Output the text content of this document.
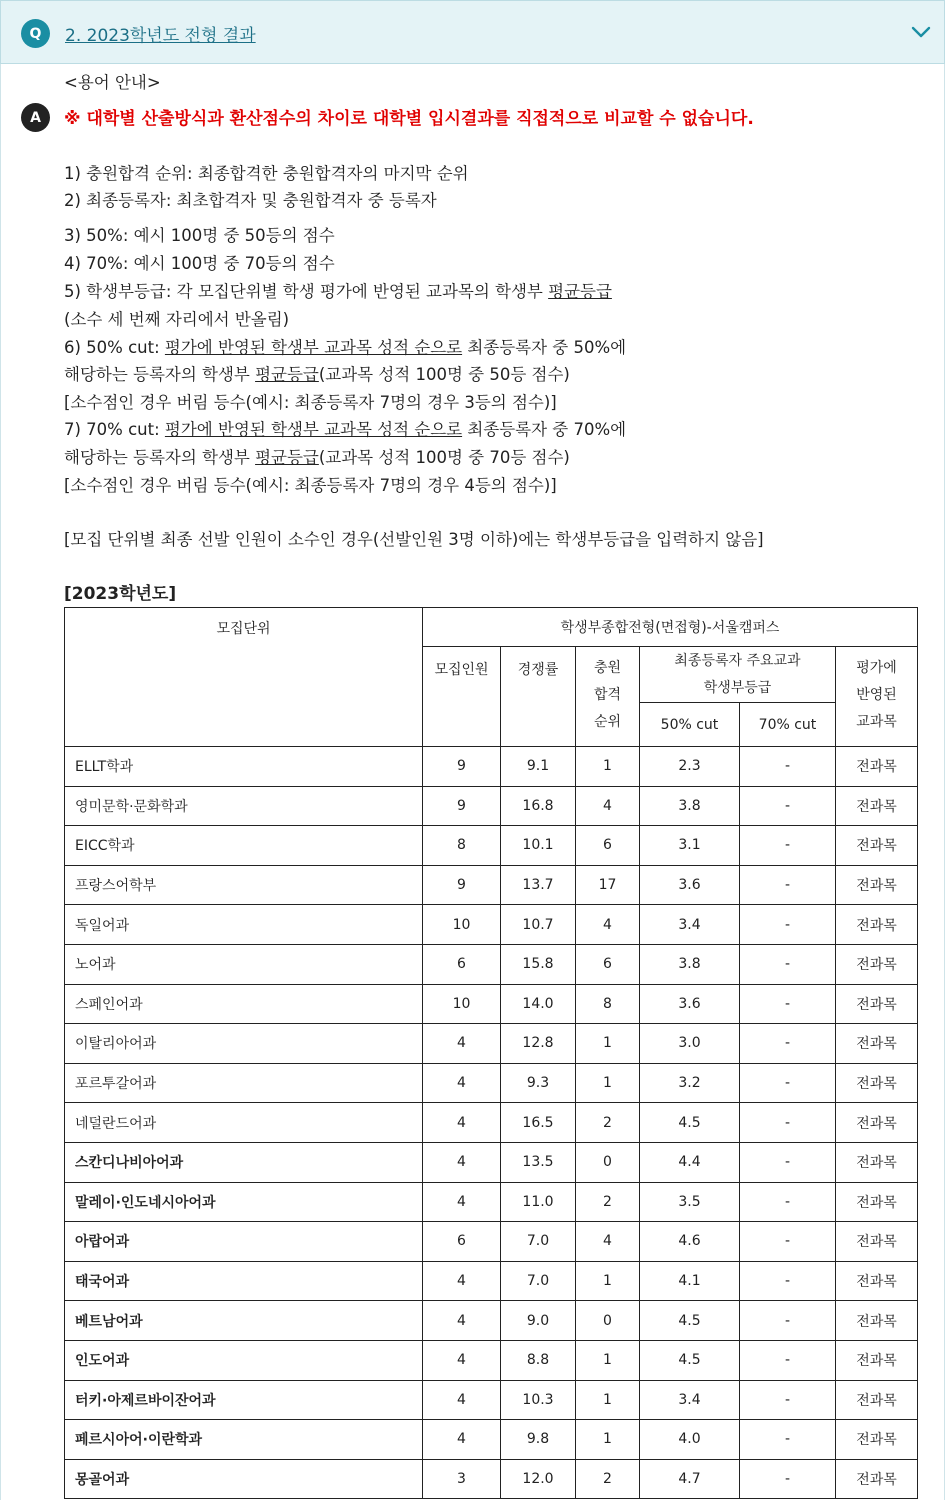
Q	2. 2023학년도 전형 결과
A
<용어 안내>
※ 대학별 산출방식과 환산점수의 차이로 대학별 입시결과를 직접적으로 비교할 수 없습니다.
1) 충원합격 순위: 최종합격한 충원합격자의 마지막 순위
2) 최종등록자: 최초합격자 및 충원합격자 중 등록자
3) 50%: 예시 100명 중 50등의 점수
4) 70%: 예시 100명 중 70등의 점수
5) 학생부등급: 각 모집단위별 학생 평가에 반영된 교과목의 학생부 평균등급
(소수 세 번째 자리에서 반올림)
6) 50% cut: 평가에 반영된 학생부 교과목 성적 순으로 최종등록자 중 50%에
해당하는 등록자의 학생부 평균등급(교과목 성적 100명 중 50등 점수)
[소수점인 경우 버림 등수(예시: 최종등록자 7명의 경우 3등의 점수)]
7) 70% cut: 평가에 반영된 학생부 교과목 성적 순으로 최종등록자 중 70%에
해당하는 등록자의 학생부 평균등급(교과목 성적 100명 중 70등 점수)
[소수점인 경우 버림 등수(예시: 최종등록자 7명의 경우 4등의 점수)]
[모집 단위별 최종 선발 인원이 소수인 경우(선발인원 3명 이하)에는 학생부등급을 입력하지 않음]
[2023학년도]
모집단위	학생부종합전형(면접형)-서울캠퍼스					
	모집인원	경쟁률	충원
합격
순위	최종등록자 주요교과
학생부등급		평가에
반영된
교과목
				50% cut	70% cut	
ELLT학과	9	9.1	1	2.3	-	전과목
영미문학·문화학과	9	16.8	4	3.8	-	전과목
EICC학과	8	10.1	6	3.1	-	전과목
프랑스어학부	9	13.7	17	3.6	-	전과목
독일어과	10	10.7	4	3.4	-	전과목
노어과	6	15.8	6	3.8	-	전과목
스페인어과	10	14.0	8	3.6	-	전과목
이탈리아어과	4	12.8	1	3.0	-	전과목
포르투갈어과	4	9.3	1	3.2	-	전과목
네덜란드어과	4	16.5	2	4.5	-	전과목
스칸디나비아어과	4	13.5	0	4.4	-	전과목
말레이·인도네시아어과	4	11.0	2	3.5	-	전과목
아랍어과	6	7.0	4	4.6	-	전과목
태국어과	4	7.0	1	4.1	-	전과목
베트남어과	4	9.0	0	4.5	-	전과목
인도어과	4	8.8	1	4.5	-	전과목
터키·아제르바이잔어과	4	10.3	1	3.4	-	전과목
페르시아어·이란학과	4	9.8	1	4.0	-	전과목
몽골어과	3	12.0	2	4.7	-	전과목
